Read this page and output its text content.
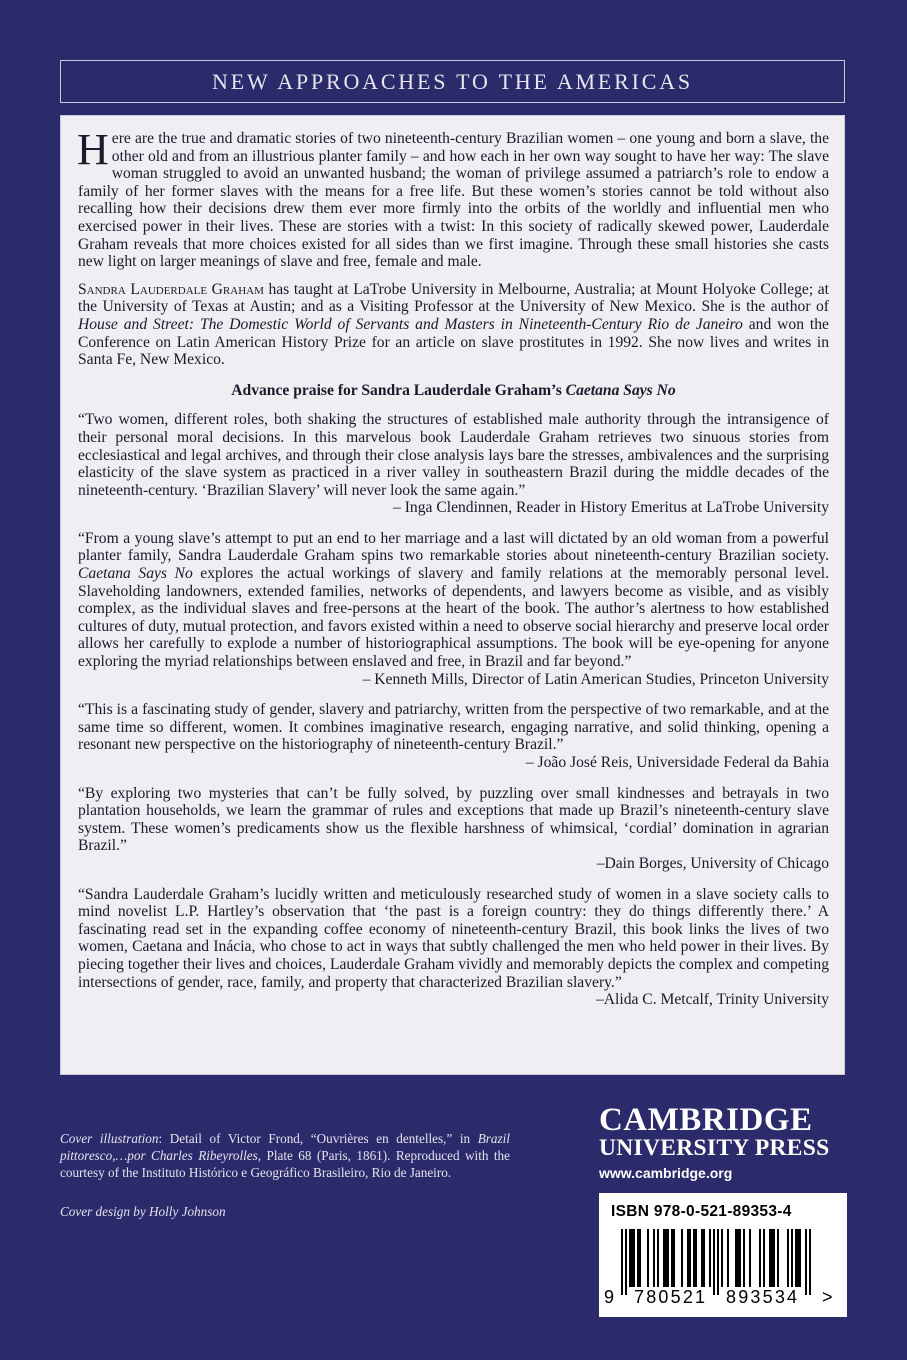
NEW APPROACHES TO THE AMERICAS

Here are the true and dramatic stories of two nineteenth-century Brazilian women – one young and born a slave, the other old and from an illustrious planter family – and how each in her own way sought to have her way: The slave woman struggled to avoid an unwanted husband; the woman of privilege assumed a patriarch’s role to endow a family of her former slaves with the means for a free life. But these women’s stories cannot be told without also recalling how their decisions drew them ever more firmly into the orbits of the worldly and influential men who exercised power in their lives. These are stories with a twist: In this society of radically skewed power, Lauderdale Graham reveals that more choices existed for all sides than we first imagine. Through these small histories she casts new light on larger meanings of slave and free, female and male.

Sandra Lauderdale Graham has taught at LaTrobe University in Melbourne, Australia; at Mount Holyoke College; at the University of Texas at Austin; and as a Visiting Professor at the University of New Mexico. She is the author of House and Street: The Domestic World of Servants and Masters in Nineteenth-Century Rio de Janeiro and won the Conference on Latin American History Prize for an article on slave prostitutes in 1992. She now lives and writes in Santa Fe, New Mexico.

Advance praise for Sandra Lauderdale Graham’s Caetana Says No

“Two women, different roles, both shaking the structures of established male authority through the intransigence of their personal moral decisions. In this marvelous book Lauderdale Graham retrieves two sinuous stories from ecclesiastical and legal archives, and through their close analysis lays bare the stresses, ambivalences and the surprising elasticity of the slave system as practiced in a river valley in southeastern Brazil during the middle decades of the nineteenth-century. ‘Brazilian Slavery’ will never look the same again.”

– Inga Clendinnen, Reader in History Emeritus at LaTrobe University

“From a young slave’s attempt to put an end to her marriage and a last will dictated by an old woman from a powerful planter family, Sandra Lauderdale Graham spins two remarkable stories about nineteenth-century Brazilian society. Caetana Says No explores the actual workings of slavery and family relations at the memorably personal level. Slaveholding landowners, extended families, networks of dependents, and lawyers become as visible, and as visibly complex, as the individual slaves and free-persons at the heart of the book. The author’s alertness to how established cultures of duty, mutual protection, and favors existed within a need to observe social hierarchy and preserve local order allows her carefully to explode a number of historiographical assumptions. The book will be eye-opening for anyone exploring the myriad relationships between enslaved and free, in Brazil and far beyond.”

– Kenneth Mills, Director of Latin American Studies, Princeton University

“This is a fascinating study of gender, slavery and patriarchy, written from the perspective of two remarkable, and at the same time so different, women. It combines imaginative research, engaging narrative, and solid thinking, opening a resonant new perspective on the historiography of nineteenth-century Brazil.”

– João José Reis, Universidade Federal da Bahia

“By exploring two mysteries that can’t be fully solved, by puzzling over small kindnesses and betrayals in two plantation households, we learn the grammar of rules and exceptions that made up Brazil’s nineteenth-century slave system. These women’s predicaments show us the flexible harshness of whimsical, ‘cordial’ domination in agrarian Brazil.”

–Dain Borges, University of Chicago

“Sandra Lauderdale Graham’s lucidly written and meticulously researched study of women in a slave society calls to mind novelist L.P. Hartley’s observation that ‘the past is a foreign country: they do things differently there.’ A fascinating read set in the expanding coffee economy of nineteenth-century Brazil, this book links the lives of two women, Caetana and Inácia, who chose to act in ways that subtly challenged the men who held power in their lives. By piecing together their lives and choices, Lauderdale Graham vividly and memorably depicts the complex and competing intersections of gender, race, family, and property that characterized Brazilian slavery.”

–Alida C. Metcalf, Trinity University

Cover illustration: Detail of Victor Frond, “Ouvrières en dentelles,” in Brazil pittoresco,…por Charles Ribeyrolles, Plate 68 (Paris, 1861). Reproduced with the courtesy of the Instituto Histórico e Geográfico Brasileiro, Rio de Janeiro.

Cover design by Holly Johnson

CAMBRIDGE
UNIVERSITY PRESS
www.cambridge.org
ISBN 978-0-521-89353-4
9 780521 893534 >
